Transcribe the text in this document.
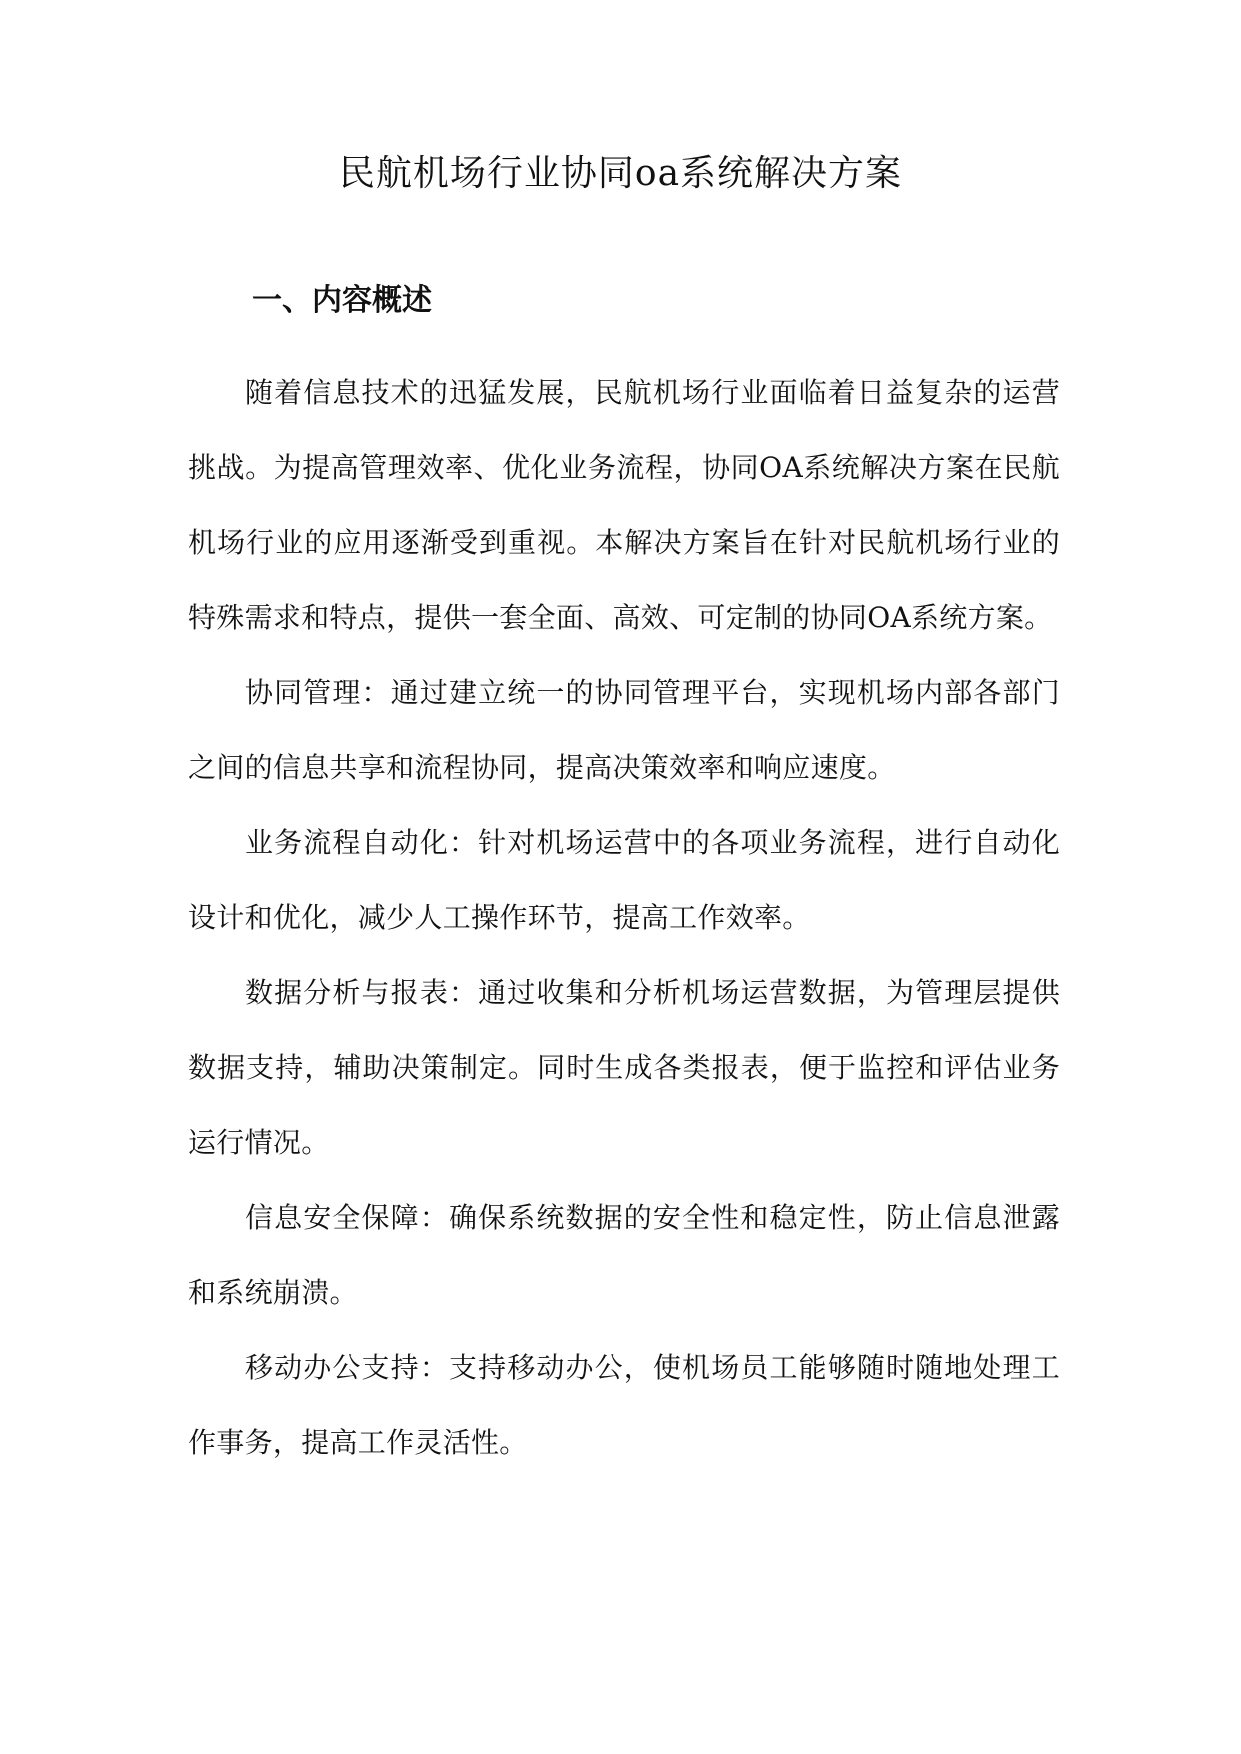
民航机场行业协同oa系统解决方案
一、内容概述

随着信息技术的迅猛发展，民航机场行业面临着日益复杂的运营挑战。为提高管理效率、优化业务流程，协同OA系统解决方案在民航机场行业的应用逐渐受到重视。本解决方案旨在针对民航机场行业的特殊需求和特点，提供一套全面、高效、可定制的协同OA系统方案。

协同管理：通过建立统一的协同管理平台，实现机场内部各部门之间的信息共享和流程协同，提高决策效率和响应速度。

业务流程自动化：针对机场运营中的各项业务流程，进行自动化设计和优化，减少人工操作环节，提高工作效率。

数据分析与报表：通过收集和分析机场运营数据，为管理层提供数据支持，辅助决策制定。同时生成各类报表，便于监控和评估业务运行情况。

信息安全保障：确保系统数据的安全性和稳定性，防止信息泄露和系统崩溃。

移动办公支持：支持移动办公，使机场员工能够随时随地处理工作事务，提高工作灵活性。
